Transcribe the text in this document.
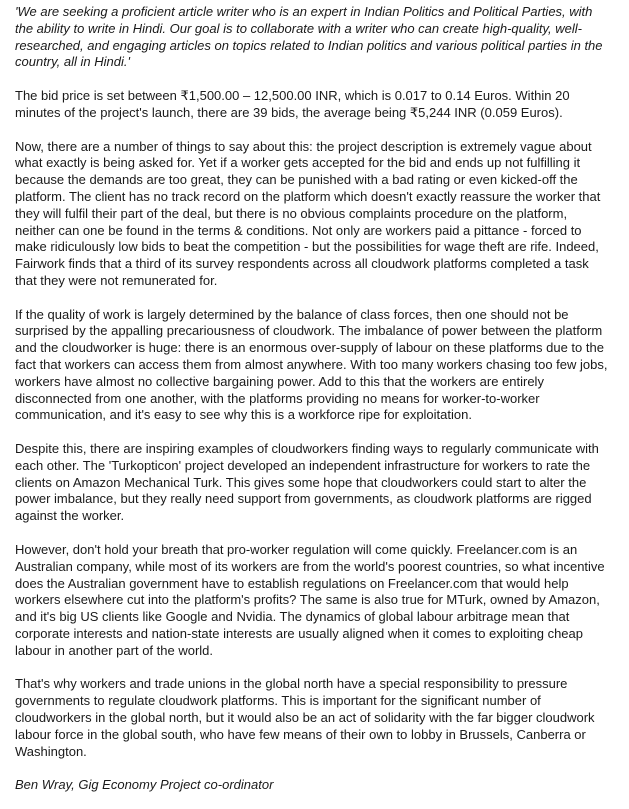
'We are seeking a proficient article writer who is an expert in Indian Politics and Political Parties, with the ability to write in Hindi. Our goal is to collaborate with a writer who can create high-quality, well-researched, and engaging articles on topics related to Indian politics and various political parties in the country, all in Hindi.'

The bid price is set between ₹1,500.00 – 12,500.00 INR, which is 0.017 to 0.14 Euros. Within 20 minutes of the project's launch, there are 39 bids, the average being ₹5,244 INR (0.059 Euros).

Now, there are a number of things to say about this: the project description is extremely vague about what exactly is being asked for. Yet if a worker gets accepted for the bid and ends up not fulfilling it because the demands are too great, they can be punished with a bad rating or even kicked-off the platform. The client has no track record on the platform which doesn't exactly reassure the worker that they will fulfil their part of the deal, but there is no obvious complaints procedure on the platform, neither can one be found in the terms & conditions. Not only are workers paid a pittance - forced to make ridiculously low bids to beat the competition - but the possibilities for wage theft are rife. Indeed, Fairwork finds that a third of its survey respondents across all cloudwork platforms completed a task that they were not remunerated for.

If the quality of work is largely determined by the balance of class forces, then one should not be surprised by the appalling precariousness of cloudwork. The imbalance of power between the platform and the cloudworker is huge: there is an enormous over-supply of labour on these platforms due to the fact that workers can access them from almost anywhere. With too many workers chasing too few jobs, workers have almost no collective bargaining power. Add to this that the workers are entirely disconnected from one another, with the platforms providing no means for worker-to-worker communication, and it's easy to see why this is a workforce ripe for exploitation.

Despite this, there are inspiring examples of cloudworkers finding ways to regularly communicate with each other. The 'Turkopticon' project developed an independent infrastructure for workers to rate the clients on Amazon Mechanical Turk. This gives some hope that cloudworkers could start to alter the power imbalance, but they really need support from governments, as cloudwork platforms are rigged against the worker.

However, don't hold your breath that pro-worker regulation will come quickly. Freelancer.com is an Australian company, while most of its workers are from the world's poorest countries, so what incentive does the Australian government have to establish regulations on Freelancer.com that would help workers elsewhere cut into the platform's profits? The same is also true for MTurk, owned by Amazon, and it's big US clients like Google and Nvidia. The dynamics of global labour arbitrage mean that corporate interests and nation-state interests are usually aligned when it comes to exploiting cheap labour in another part of the world.

That's why workers and trade unions in the global north have a special responsibility to pressure governments to regulate cloudwork platforms. This is important for the significant number of cloudworkers in the global north, but it would also be an act of solidarity with the far bigger cloudwork labour force in the global south, who have few means of their own to lobby in Brussels, Canberra or Washington.

Ben Wray, Gig Economy Project co-ordinator
